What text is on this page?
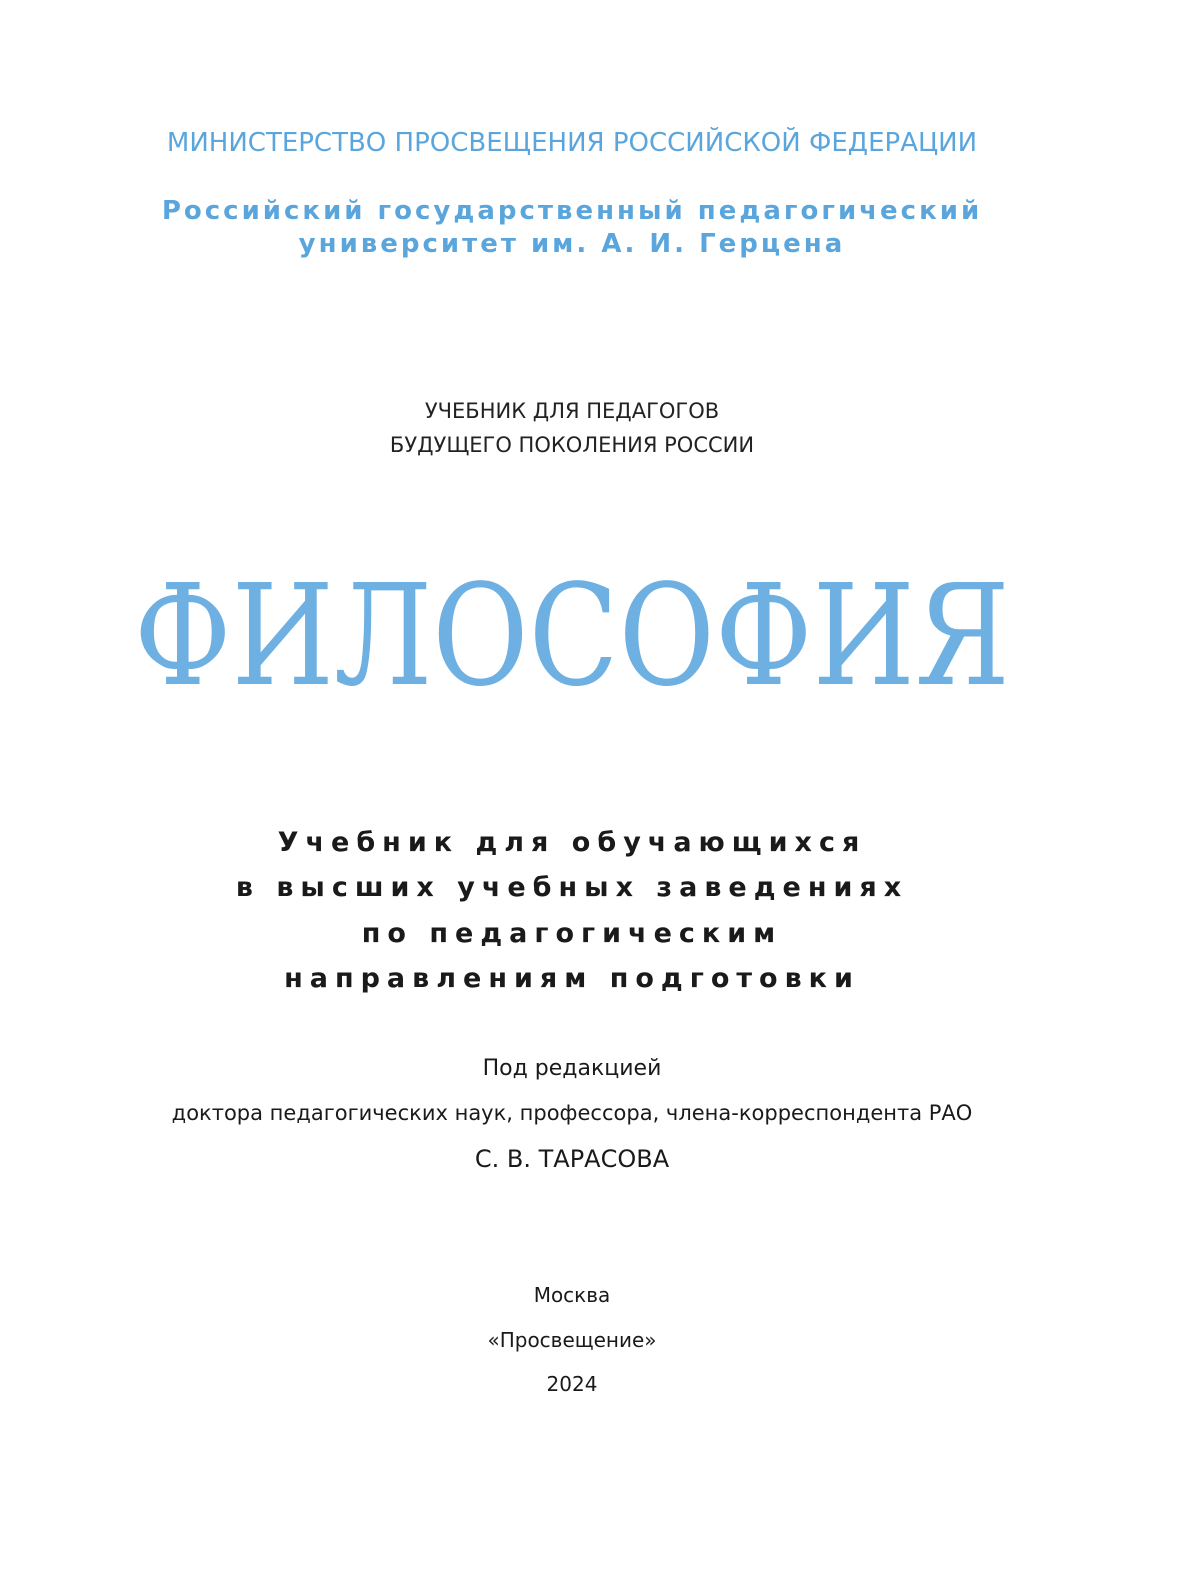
МИНИСТЕРСТВО ПРОСВЕЩЕНИЯ РОССИЙСКОЙ ФЕДЕРАЦИИ
Российский государственный педагогический
университет им. А. И. Герцена
УЧЕБНИК ДЛЯ ПЕДАГОГОВ
БУДУЩЕГО ПОКОЛЕНИЯ РОССИИ
ФИЛОСОФИЯ
Учебник для обучающихся
в высших учебных заведениях
по педагогическим
направлениям подготовки
Под редакцией
доктора педагогических наук, профессора, члена-корреспондента РАО
С. В. ТАРАСОВА
Москва
«Просвещение»
2024
